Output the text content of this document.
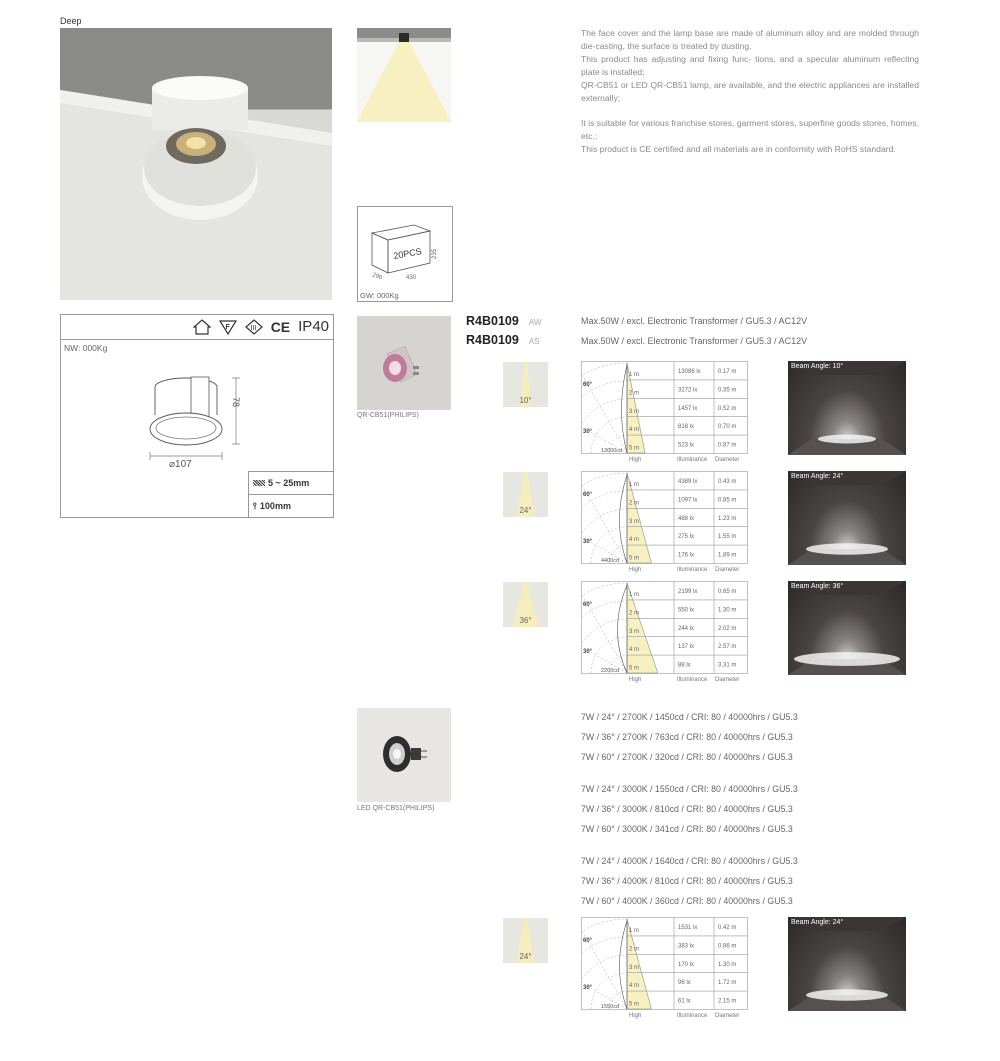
Deep
20PCS 235
430
290
GW: 000Kg
The face cover and the lamp base are made of aluminum alloy and are molded through die-casting, the surface is treated by dusting.
This product has adjusting and fixing func- tions, and a specular aluminum reflecting plate is installed;
QR-CB51 or LED QR-CB51 lamp, are available, and the electric appliances are installed externally;
It is suitable for various franchise stores, garment stores, superfine goods stores, homes, etc.;
This product is CE certified and all materials are in conformity with RoHS standard.
F	III CE IP40
NW: 000Kg
78
⌀107
5 ~ 25mm
⫯ 100mm
QR-CB51(PHILIPS)
R4B0109 AW	Max.50W / excl. Electronic Transformer / GU5.3 / AC12V
R4B0109 AS	Max.50W / excl. Electronic Transformer / GU5.3 / AC12V
10°
1 m	13086 lx	0.17 m
2 m	3272 lx	0.35 m
3 m	1457 lx	0.52 m
4 m	818 lx	0.70 m
5 m	523 lx	0.87 m
60°
30°
13000cd
High	Illuminance Diameter
Beam Angle: 10°
24°
1 m	4389 lx	0.43 m
2 m	1097 lx	0.85 m
3 m	488 lx	1.23 m
4 m	275 lx	1.55 m
5 m	176 lx	1.89 m
60°
30°
4400cd
High	Illuminance Diameter
Beam Angle: 24°
36°
1 m	2199 lx	0.65 m
2 m	550 lx	1.30 m
3 m	244 lx	2.02 m
4 m	137 lx	2.57 m
5 m	88 lx	3.31 m
60°
30°
2200cd
High	Illuminance Diameter
Beam Angle: 36°
24°
1 m	1531 lx	0.42 m
2 m	383 lx	0.86 m
3 m	170 lx	1.30 m
4 m	96 lx	1.72 m
5 m	61 lx	2.15 m
60°
30°
1550cd
High	Illuminance Diameter
Beam Angle: 24°
LED QR-CB51(PHILIPS)
7W / 24° / 2700K / 1450cd / CRI: 80 / 40000hrs / GU5.3
7W / 36° / 2700K / 763cd / CRI: 80 / 40000hrs / GU5.3
7W / 60° / 2700K / 320cd / CRI: 80 / 40000hrs / GU5.3
7W / 24° / 3000K / 1550cd / CRI: 80 / 40000hrs / GU5.3
7W / 36° / 3000K / 810cd / CRI: 80 / 40000hrs / GU5.3
7W / 60° / 3000K / 341cd / CRI: 80 / 40000hrs / GU5.3
7W / 24° / 4000K / 1640cd / CRI: 80 / 40000hrs / GU5.3
7W / 36° / 4000K / 810cd / CRI: 80 / 40000hrs / GU5.3
7W / 60° / 4000K / 360cd / CRI: 80 / 40000hrs / GU5.3
